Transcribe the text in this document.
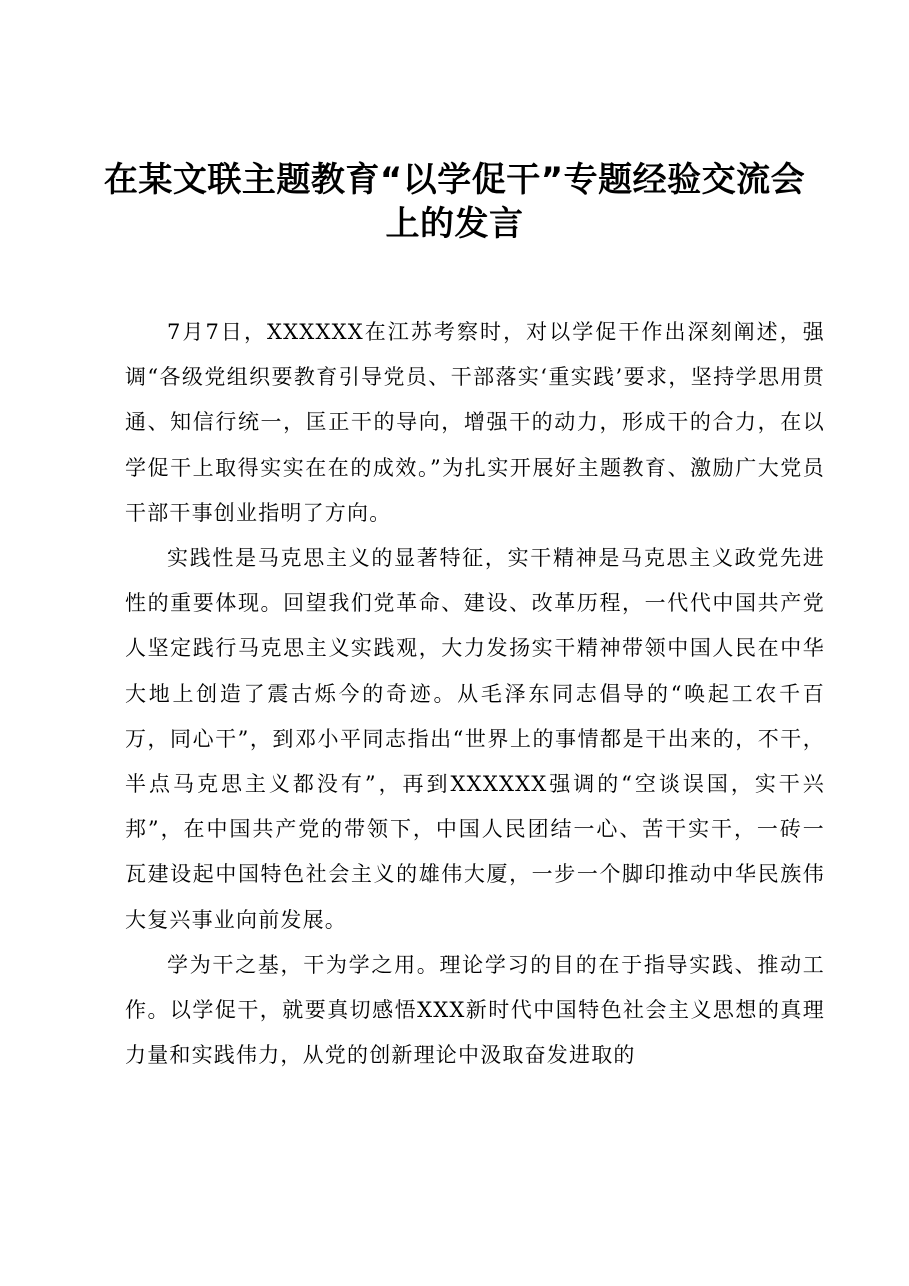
在某文联主题教育“以学促干”专题经验交流会上的发言

7月7日，XXXXXX在江苏考察时，对以学促干作出深刻阐述，强调“各级党组织要教育引导党员、干部落实‘重实践’要求，坚持学思用贯通、知信行统一，匡正干的导向，增强干的动力，形成干的合力，在以学促干上取得实实在在的成效。”为扎实开展好主题教育、激励广大党员干部干事创业指明了方向。

实践性是马克思主义的显著特征，实干精神是马克思主义政党先进性的重要体现。回望我们党革命、建设、改革历程，一代代中国共产党人坚定践行马克思主义实践观，大力发扬实干精神带领中国人民在中华大地上创造了震古烁今的奇迹。从毛泽东同志倡导的“唤起工农千百万，同心干”，到邓小平同志指出“世界上的事情都是干出来的，不干，半点马克思主义都没有”，再到XXXXXX强调的“空谈误国，实干兴邦”，在中国共产党的带领下，中国人民团结一心、苦干实干，一砖一瓦建设起中国特色社会主义的雄伟大厦，一步一个脚印推动中华民族伟大复兴事业向前发展。

学为干之基，干为学之用。理论学习的目的在于指导实践、推动工作。以学促干，就要真切感悟XXX新时代中国特色社会主义思想的真理力量和实践伟力，从党的创新理论中汲取奋发进取的
